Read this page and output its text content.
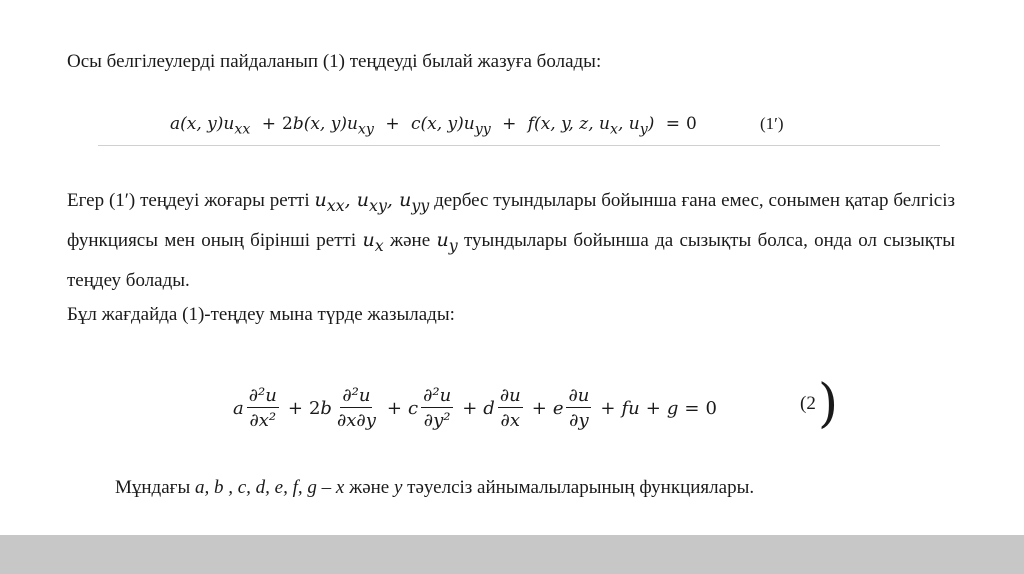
Осы белгілеулерді пайдаланып (1) теңдеуді былай жазуға болады:
a(x, $y)u_{xx} + 2b(x$, $y)u_{xy} + c(x$, $y)u_{yy} + f(x$, y, z, $u_x$, $u_y) = 0$	(1′)
Егер (1′) теңдеуі жоғары ретті $u_{xx}$, $u_{xy}$, $u_{yy}$ дербес туындылары бойынша ғана емес, сонымен қатар белгісіз функциясы мен оның бірінші ретті $u_x$ және $u_y$ туындылары бойынша да сызықты болса, онда ол сызықты теңдеу болады.
Бұл жағдайда (1)-теңдеу мына түрде жазылады:
a $\frac{\text{∂²u}}{\text{∂x²}} + 2$ b $\frac{\text{∂²u}}{\partial x\partial y} + c \frac{\text{∂²u}}{\text{∂y²}} + d \frac{\partial u}{\partial x} + e \frac{\partial u}{\partial y}$ + fu + g = 0	(2 )
Мұндағы a, b , c, d, e, f, g – x және y тәуелсіз айнымалыларының функциялары.
